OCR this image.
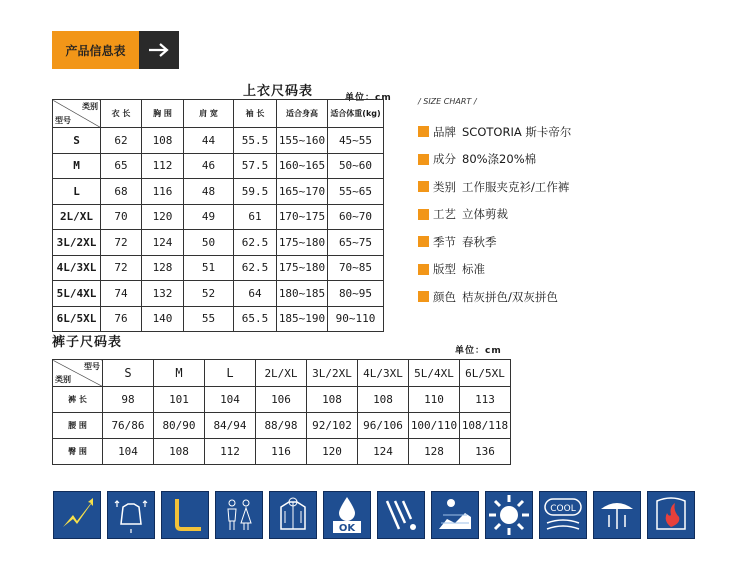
产品信息表
上衣尺码表	单位：cm
类别
型号	衣 长	胸 围	肩 宽	袖 长	适合身高	适合体重(kg)
S	62	108	44	55.5	155~160	45~55
M	65	112	46	57.5	160~165	50~60
L	68	116	48	59.5	165~170	55~65
2L/XL	70	120	49	61	170~175	60~70
3L/2XL	72	124	50	62.5	175~180	65~75
4L/3XL	72	128	51	62.5	175~180	70~85
5L/4XL	74	132	52	64	180~185	80~95
6L/5XL	76	140	55	65.5	185~190	90~110
/ SIZE CHART /
品牌 SCOTORIA 斯卡帝尔
成分 80%涤20%棉
类别 工作服夹克衫/工作裤
工艺 立体剪裁
季节 春秋季
版型 标准
颜色 桔灰拼色/双灰拼色
裤子尺码表
单位：cm
型号
类别	S	M	L	2L/XL	3L/2XL	4L/3XL	5L/4XL	6L/5XL
裤 长	98	101	104	106	108	108	110	113
腰 围	76/86	80/90	84/94	88/98	92/102	96/106	100/110	108/118
臀 围	104	108	112	116	120	124	128	136
OK
COOL
